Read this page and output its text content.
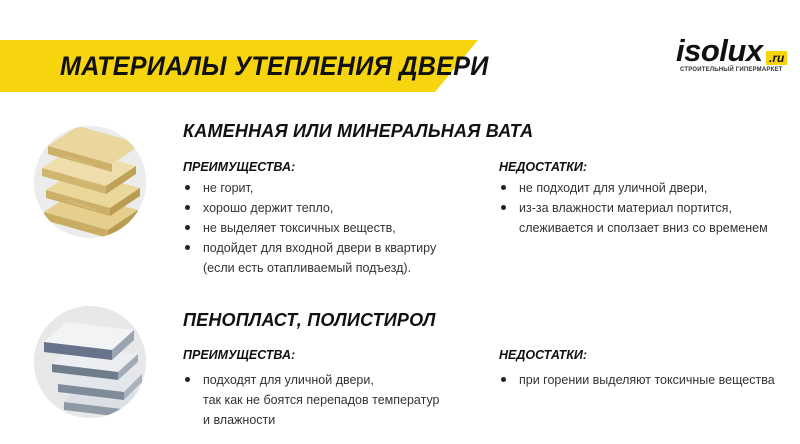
МАТЕРИАЛЫ УТЕПЛЕНИЯ ДВЕРИ	isolux .ru
СТРОИТЕЛЬНЫЙ ГИПЕРМАРКЕТ
КАМЕННАЯ ИЛИ МИНЕРАЛЬНАЯ ВАТА
ПРЕИМУЩЕСТВА:
не горит,
хорошо держит тепло,
не выделяет токсичных веществ,
подойдет для входной двери в квартиру
(если есть отапливаемый подъезд).
НЕДОСТАТКИ:
не подходит для уличной двери,
из-за влажности материал портится,
слеживается и сползает вниз со временем
ПЕНОПЛАСТ, ПОЛИСТИРОЛ
ПРЕИМУЩЕСТВА:
подходят для уличной двери,
так как не боятся перепадов температур
и влажности
НЕДОСТАТКИ:
при горении выделяют токсичные вещества
